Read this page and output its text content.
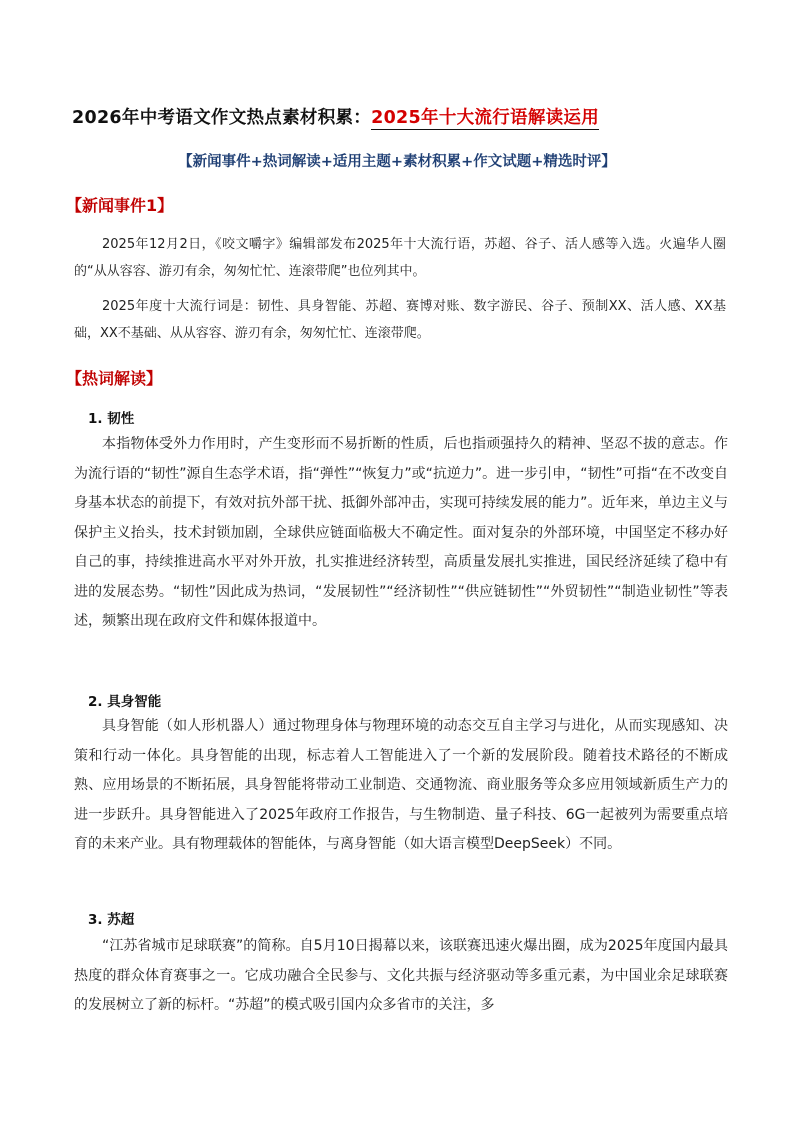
2026年中考语文作文热点素材积累：2025年十大流行语解读运用
【新闻事件+热词解读+适用主题+素材积累+作文试题+精选时评】
【新闻事件1】
2025年12月2日，《咬文嚼字》编辑部发布2025年十大流行语，苏超、谷子、活人感等入选。火遍华人圈的“从从容容、游刃有余，匆匆忙忙、连滚带爬”也位列其中。
2025年度十大流行词是：韧性、具身智能、苏超、赛博对账、数字游民、谷子、预制XX、活人感、XX基础，XX不基础、从从容容、游刃有余，匆匆忙忙、连滚带爬。
【热词解读】
1. 韧性
本指物体受外力作用时，产生变形而不易折断的性质，后也指顽强持久的精神、坚忍不拔的意志。作为流行语的“韧性”源自生态学术语，指“弹性”“恢复力”或“抗逆力”。进一步引申，“韧性”可指“在不改变自身基本状态的前提下，有效对抗外部干扰、抵御外部冲击，实现可持续发展的能力”。近年来，单边主义与保护主义抬头，技术封锁加剧，全球供应链面临极大不确定性。面对复杂的外部环境，中国坚定不移办好自己的事，持续推进高水平对外开放，扎实推进经济转型，高质量发展扎实推进，国民经济延续了稳中有进的发展态势。“韧性”因此成为热词，“发展韧性”“经济韧性”“供应链韧性”“外贸韧性”“制造业韧性”等表述，频繁出现在政府文件和媒体报道中。
2. 具身智能
具身智能（如人形机器人）通过物理身体与物理环境的动态交互自主学习与进化，从而实现感知、决策和行动一体化。具身智能的出现，标志着人工智能进入了一个新的发展阶段。随着技术路径的不断成熟、应用场景的不断拓展，具身智能将带动工业制造、交通物流、商业服务等众多应用领域新质生产力的进一步跃升。具身智能进入了2025年政府工作报告，与生物制造、量子科技、6G一起被列为需要重点培育的未来产业。具有物理载体的智能体，与离身智能（如大语言模型DeepSeek）不同。
3. 苏超
“江苏省城市足球联赛”的简称。自5月10日揭幕以来，该联赛迅速火爆出圈，成为2025年度国内最具热度的群众体育赛事之一。它成功融合全民参与、文化共振与经济驱动等多重元素，为中国业余足球联赛的发展树立了新的标杆。“苏超”的模式吸引国内众多省市的关注，多
